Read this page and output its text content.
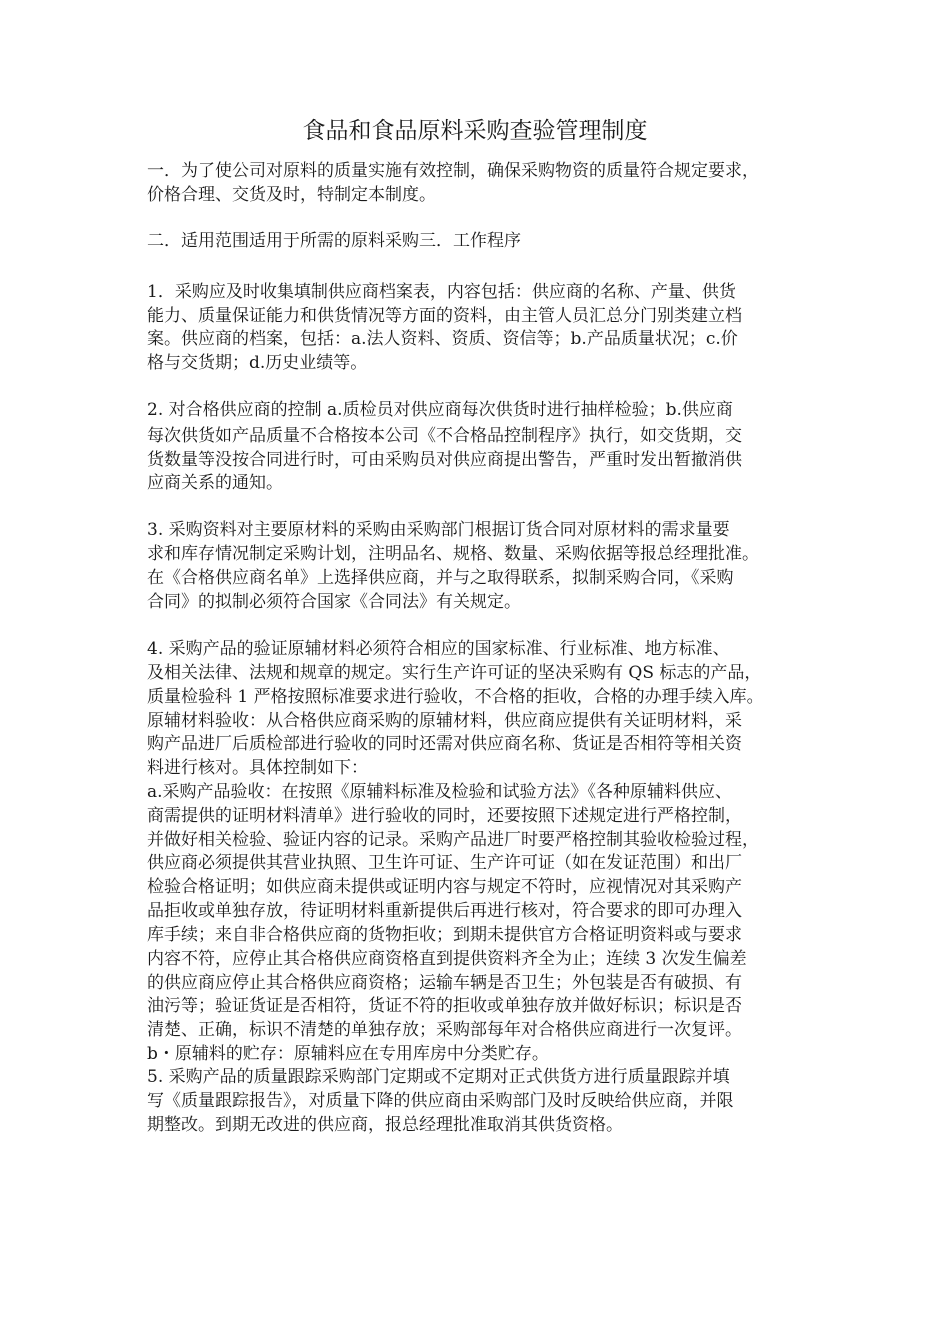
食品和食品原料采购查验管理制度
一．为了使公司对原料的质量实施有效控制，确保采购物资的质量符合规定要求，
价格合理、交货及时，特制定本制度。
二．适用范围适用于所需的原料采购三．工作程序
1．采购应及时收集填制供应商档案表，内容包括：供应商的名称、产量、供货
能力、质量保证能力和供货情况等方面的资料，由主管人员汇总分门别类建立档
案。供应商的档案，包括：a.法人资料、资质、资信等；b.产品质量状况；c.价
格与交货期；d.历史业绩等。
2. 对合格供应商的控制 a.质检员对供应商每次供货时进行抽样检验；b.供应商
每次供货如产品质量不合格按本公司《不合格品控制程序》执行，如交货期，交
货数量等没按合同进行时，可由采购员对供应商提出警告，严重时发出暂撤消供
应商关系的通知。
3. 采购资料对主要原材料的采购由采购部门根据订货合同对原材料的需求量要
求和库存情况制定采购计划，注明品名、规格、数量、采购依据等报总经理批准。
在《合格供应商名单》上选择供应商，并与之取得联系，拟制采购合同，《采购
合同》的拟制必须符合国家《合同法》有关规定。
4. 采购产品的验证原辅材料必须符合相应的国家标准、行业标准、地方标准、
及相关法律、法规和规章的规定。实行生产许可证的坚决采购有 QS 标志的产品，
质量检验科 1 严格按照标准要求进行验收，不合格的拒收，合格的办理手续入库。
原辅材料验收：从合格供应商采购的原辅材料，供应商应提供有关证明材料，采
购产品进厂后质检部进行验收的同时还需对供应商名称、货证是否相符等相关资
料进行核对。具体控制如下：
a.采购产品验收：在按照《原辅料标准及检验和试验方法》《各种原辅料供应、
商需提供的证明材料清单》进行验收的同时，还要按照下述规定进行严格控制，
并做好相关检验、验证内容的记录。采购产品进厂时要严格控制其验收检验过程，
供应商必须提供其营业执照、卫生许可证、生产许可证（如在发证范围）和出厂
检验合格证明；如供应商未提供或证明内容与规定不符时，应视情况对其采购产
品拒收或单独存放，待证明材料重新提供后再进行核对，符合要求的即可办理入
库手续；来自非合格供应商的货物拒收；到期未提供官方合格证明资料或与要求
内容不符，应停止其合格供应商资格直到提供资料齐全为止；连续 3 次发生偏差
的供应商应停止其合格供应商资格；运输车辆是否卫生；外包装是否有破损、有
油污等；验证货证是否相符，货证不符的拒收或单独存放并做好标识；标识是否
清楚、正确，标识不清楚的单独存放；采购部每年对合格供应商进行一次复评。
b・原辅料的贮存：原辅料应在专用库房中分类贮存。
5. 采购产品的质量跟踪采购部门定期或不定期对正式供货方进行质量跟踪并填
写《质量跟踪报告》，对质量下降的供应商由采购部门及时反映给供应商，并限
期整改。到期无改进的供应商，报总经理批准取消其供货资格。
